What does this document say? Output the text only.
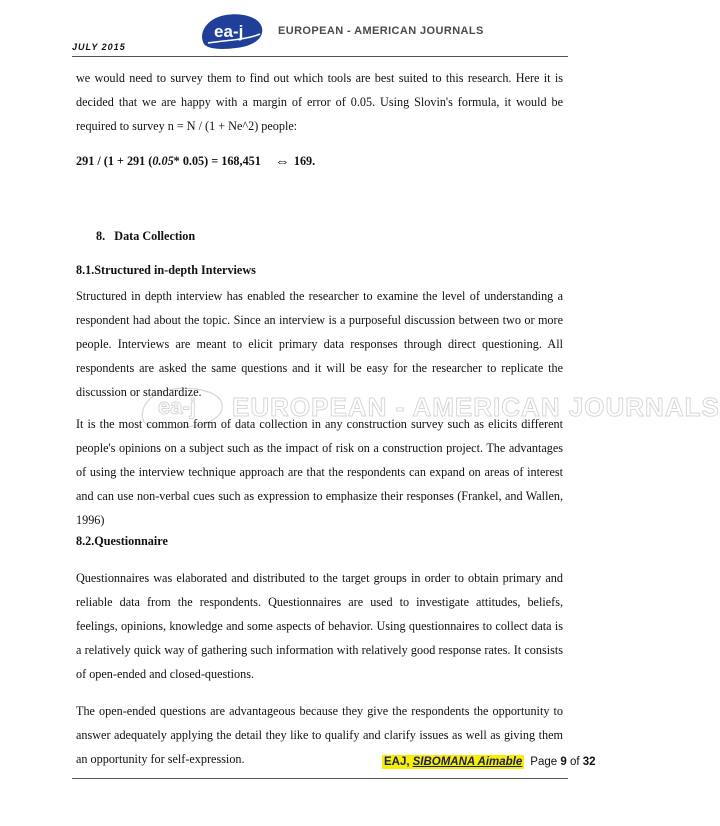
JULY 2015
ea-j	EUROPEAN - AMERICAN JOURNALS

we would need to survey them to find out which tools are best suited to this research. Here it is decided that we are happy with a margin of error of 0.05. Using Slovin's formula, it would be required to survey n = N / (1 + Ne^2) people:

291 / (1 + 291 (0.05* 0.05) = 168,451 ⇔ 169.
8. Data Collection
8.1.Structured in-depth Interviews

Structured in depth interview has enabled the researcher to examine the level of understanding a respondent had about the topic. Since an interview is a purposeful discussion between two or more people. Interviews are meant to elicit primary data responses through direct questioning. All respondents are asked the same questions and it will be easy for the researcher to replicate the discussion or standardize.

It is the most common form of data collection in any construction survey such as elicits different people's opinions on a subject such as the impact of risk on a construction project. The advantages of using the interview technique approach are that the respondents can expand on areas of interest and can use non-verbal cues such as expression to emphasize their responses (Frankel, and Wallen, 1996)

ea-j EUROPEAN - AMERICAN JOURNALS
8.2.Questionnaire

Questionnaires was elaborated and distributed to the target groups in order to obtain primary and reliable data from the respondents. Questionnaires are used to investigate attitudes, beliefs, feelings, opinions, knowledge and some aspects of behavior. Using questionnaires to collect data is a relatively quick way of gathering such information with relatively good response rates. It consists of open-ended and closed-questions.

The open-ended questions are advantageous because they give the respondents the opportunity to answer adequately applying the detail they like to qualify and clarify issues as well as giving them an opportunity for self-expression.	EAJ, SIBOMANA Aimable Page 9 of 32
